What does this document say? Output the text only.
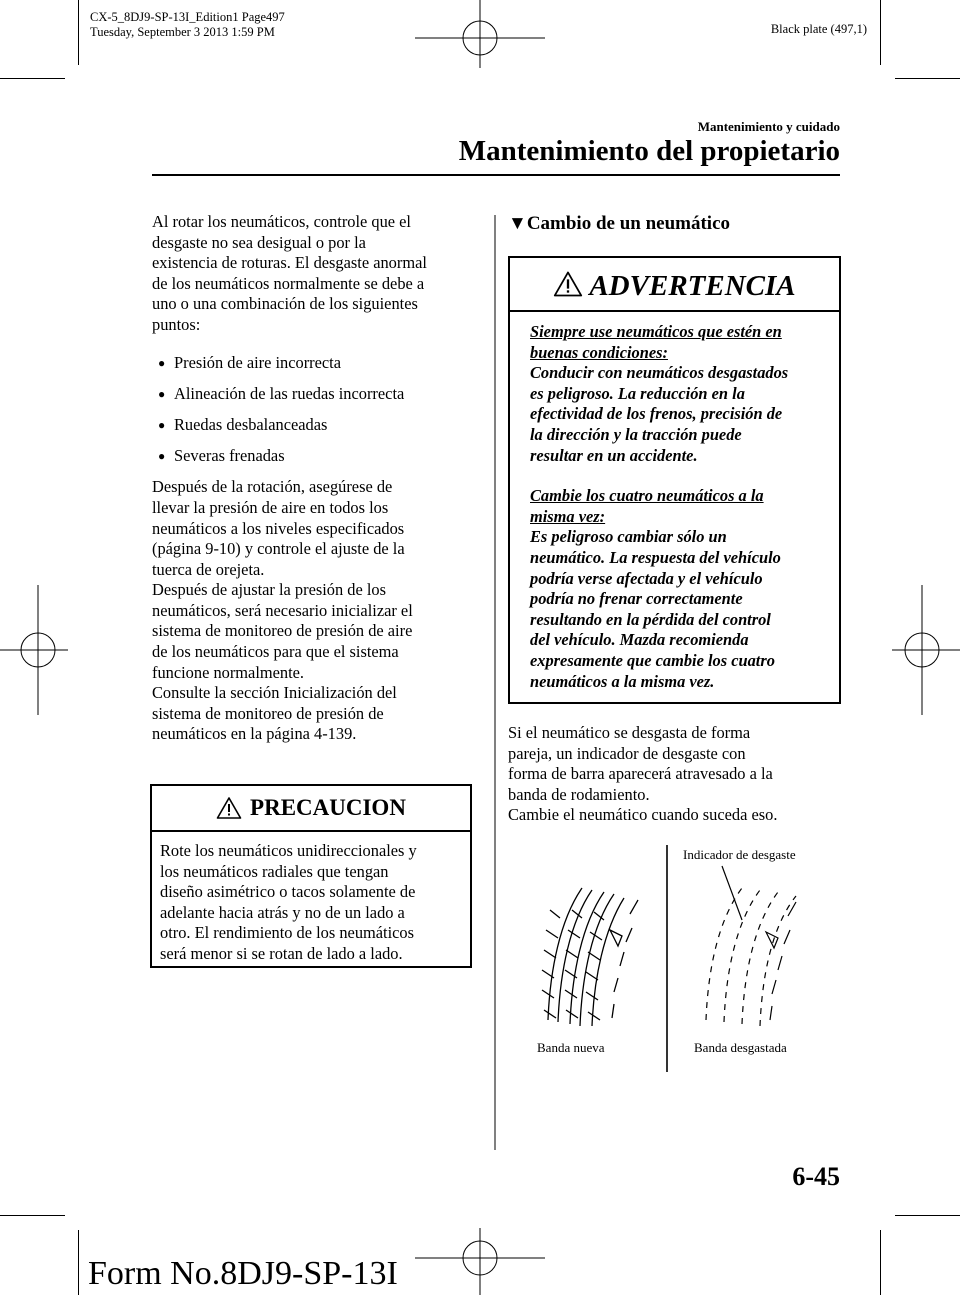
CX-5_8DJ9-SP-13I_Edition1 Page497
Tuesday, September 3 2013 1:59 PM	Black plate (497,1)
Mantenimiento y cuidado
Mantenimiento del propietario

Al rotar los neumáticos, controle que el

desgaste no sea desigual o por la

existencia de roturas. El desgaste anormal

de los neumáticos normalmente se debe a

uno o una combinación de los siguientes

puntos:

● Presión de aire incorrecta
● Alineación de las ruedas incorrecta
● Ruedas desbalanceadas
● Severas frenadas

Después de la rotación, asegúrese de

llevar la presión de aire en todos los

neumáticos a los niveles especificados

(página 9-10) y controle el ajuste de la

tuerca de orejeta.

Después de ajustar la presión de los

neumáticos, será necesario inicializar el

sistema de monitoreo de presión de aire

de los neumáticos para que el sistema

funcione normalmente.

Consulte la sección Inicialización del

sistema de monitoreo de presión de

neumáticos en la página 4-139.

PRECAUCION

Rote los neumáticos unidireccionales y

los neumáticos radiales que tengan

diseño asimétrico o tacos solamente de

adelante hacia atrás y no de un lado a

otro. El rendimiento de los neumáticos

será menor si se rotan de lado a lado.

▼Cambio de un neumático
ADVERTENCIA

Siempre use neumáticos que estén en

buenas condiciones:

Conducir con neumáticos desgastados

es peligroso. La reducción en la

efectividad de los frenos, precisión de

la dirección y la tracción puede

resultar en un accidente.

Cambie los cuatro neumáticos a la

misma vez:

Es peligroso cambiar sólo un

neumático. La respuesta del vehículo

podría verse afectada y el vehículo

podría no frenar correctamente

resultando en la pérdida del control

del vehículo. Mazda recomienda

expresamente que cambie los cuatro

neumáticos a la misma vez.

Si el neumático se desgasta de forma

pareja, un indicador de desgaste con

forma de barra aparecerá atravesado a la

banda de rodamiento.

Cambie el neumático cuando suceda eso.

Indicador de desgaste
Banda nueva	Banda desgastada
6-45
Form No.8DJ9-SP-13I
